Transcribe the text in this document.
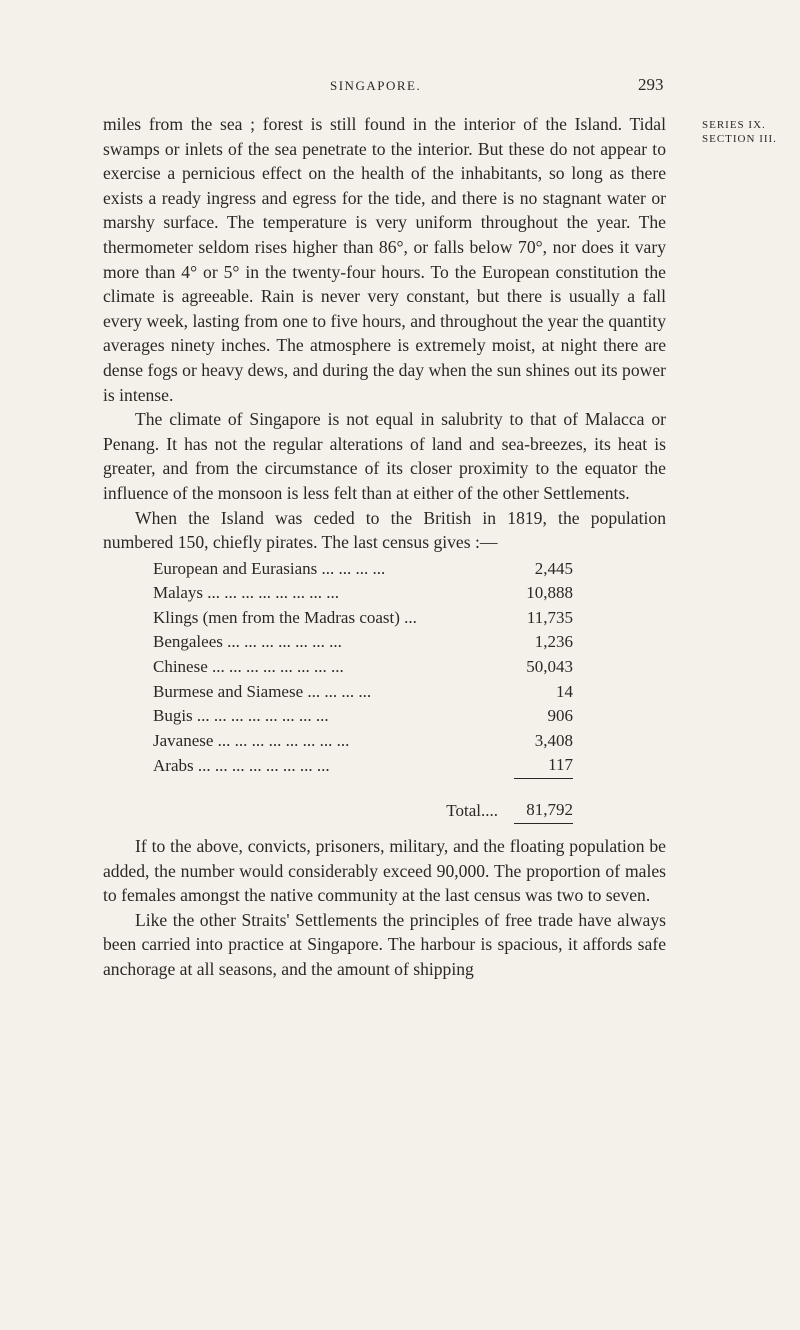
SINGAPORE.	293
SERIES IX.
SECTION III.

miles from the sea ; forest is still found in the interior of the Island. Tidal swamps or inlets of the sea penetrate to the interior. But these do not appear to exercise a pernicious effect on the health of the inhabitants, so long as there exists a ready ingress and egress for the tide, and there is no stagnant water or marshy surface. The temperature is very uniform throughout the year. The thermometer seldom rises higher than 86°, or falls below 70°, nor does it vary more than 4° or 5° in the twenty-four hours. To the European constitution the climate is agreeable. Rain is never very constant, but there is usually a fall every week, lasting from one to five hours, and throughout the year the quantity averages ninety inches. The atmosphere is extremely moist, at night there are dense fogs or heavy dews, and during the day when the sun shines out its power is intense.

The climate of Singapore is not equal in salubrity to that of Malacca or Penang. It has not the regular alterations of land and sea-breezes, its heat is greater, and from the circumstance of its closer proximity to the equator the influence of the monsoon is less felt than at either of the other Settlements.

When the Island was ceded to the British in 1819, the population numbered 150, chiefly pirates. The last census gives :—

European and Eurasians ... ... ... ...	2,445
Malays ... ... ... ... ... ... ... ...	10,888
Klings (men from the Madras coast) ...	11,735
Bengalees ... ... ... ... ... ... ...	1,236
Chinese ... ... ... ... ... ... ... ...	50,043
Burmese and Siamese ... ... ... ...	14
Bugis ... ... ... ... ... ... ... ...	906
Javanese ... ... ... ... ... ... ... ...	3,408
Arabs ... ... ... ... ... ... ... ...	117
Total....	81,792

If to the above, convicts, prisoners, military, and the floating population be added, the number would considerably exceed 90,000. The proportion of males to females amongst the native community at the last census was two to seven.

Like the other Straits' Settlements the principles of free trade have always been carried into practice at Singapore. The harbour is spacious, it affords safe anchorage at all seasons, and the amount of shipping
